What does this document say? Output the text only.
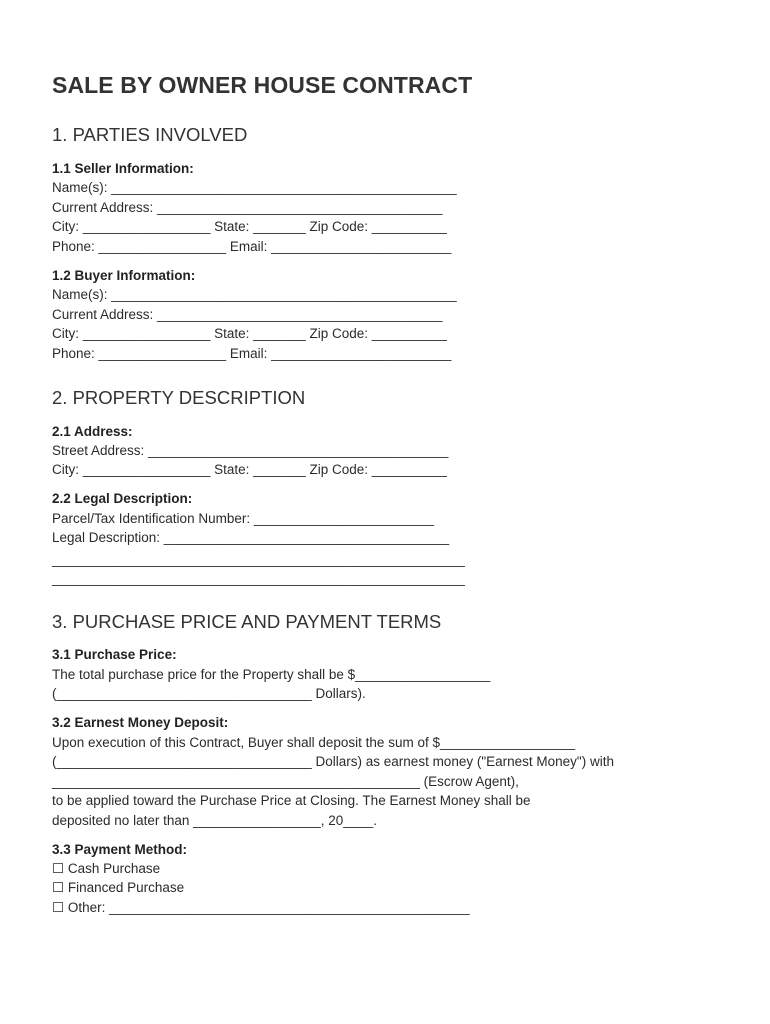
SALE BY OWNER HOUSE CONTRACT
1. PARTIES INVOLVED
1.1 Seller Information:
Name(s): ______________________________________________
Current Address: ______________________________________
City: _________________ State: _______ Zip Code: __________
Phone: _________________ Email: ________________________
1.2 Buyer Information:
Name(s): ______________________________________________
Current Address: ______________________________________
City: _________________ State: _______ Zip Code: __________
Phone: _________________ Email: ________________________
2. PROPERTY DESCRIPTION
2.1 Address:
Street Address: ________________________________________
City: _________________ State: _______ Zip Code: __________
2.2 Legal Description:
Parcel/Tax Identification Number: ________________________
Legal Description: ______________________________________
_______________________________________________________
_______________________________________________________
3. PURCHASE PRICE AND PAYMENT TERMS
3.1 Purchase Price:
The total purchase price for the Property shall be $__________________
(__________________________________ Dollars).
3.2 Earnest Money Deposit:
Upon execution of this Contract, Buyer shall deposit the sum of $__________________
(__________________________________ Dollars) as earnest money ("Earnest Money") with
_________________________________________________ (Escrow Agent),
to be applied toward the Purchase Price at Closing. The Earnest Money shall be
deposited no later than _________________, 20____.
3.3 Payment Method:
☐ Cash Purchase
☐ Financed Purchase
☐ Other: ________________________________________________
